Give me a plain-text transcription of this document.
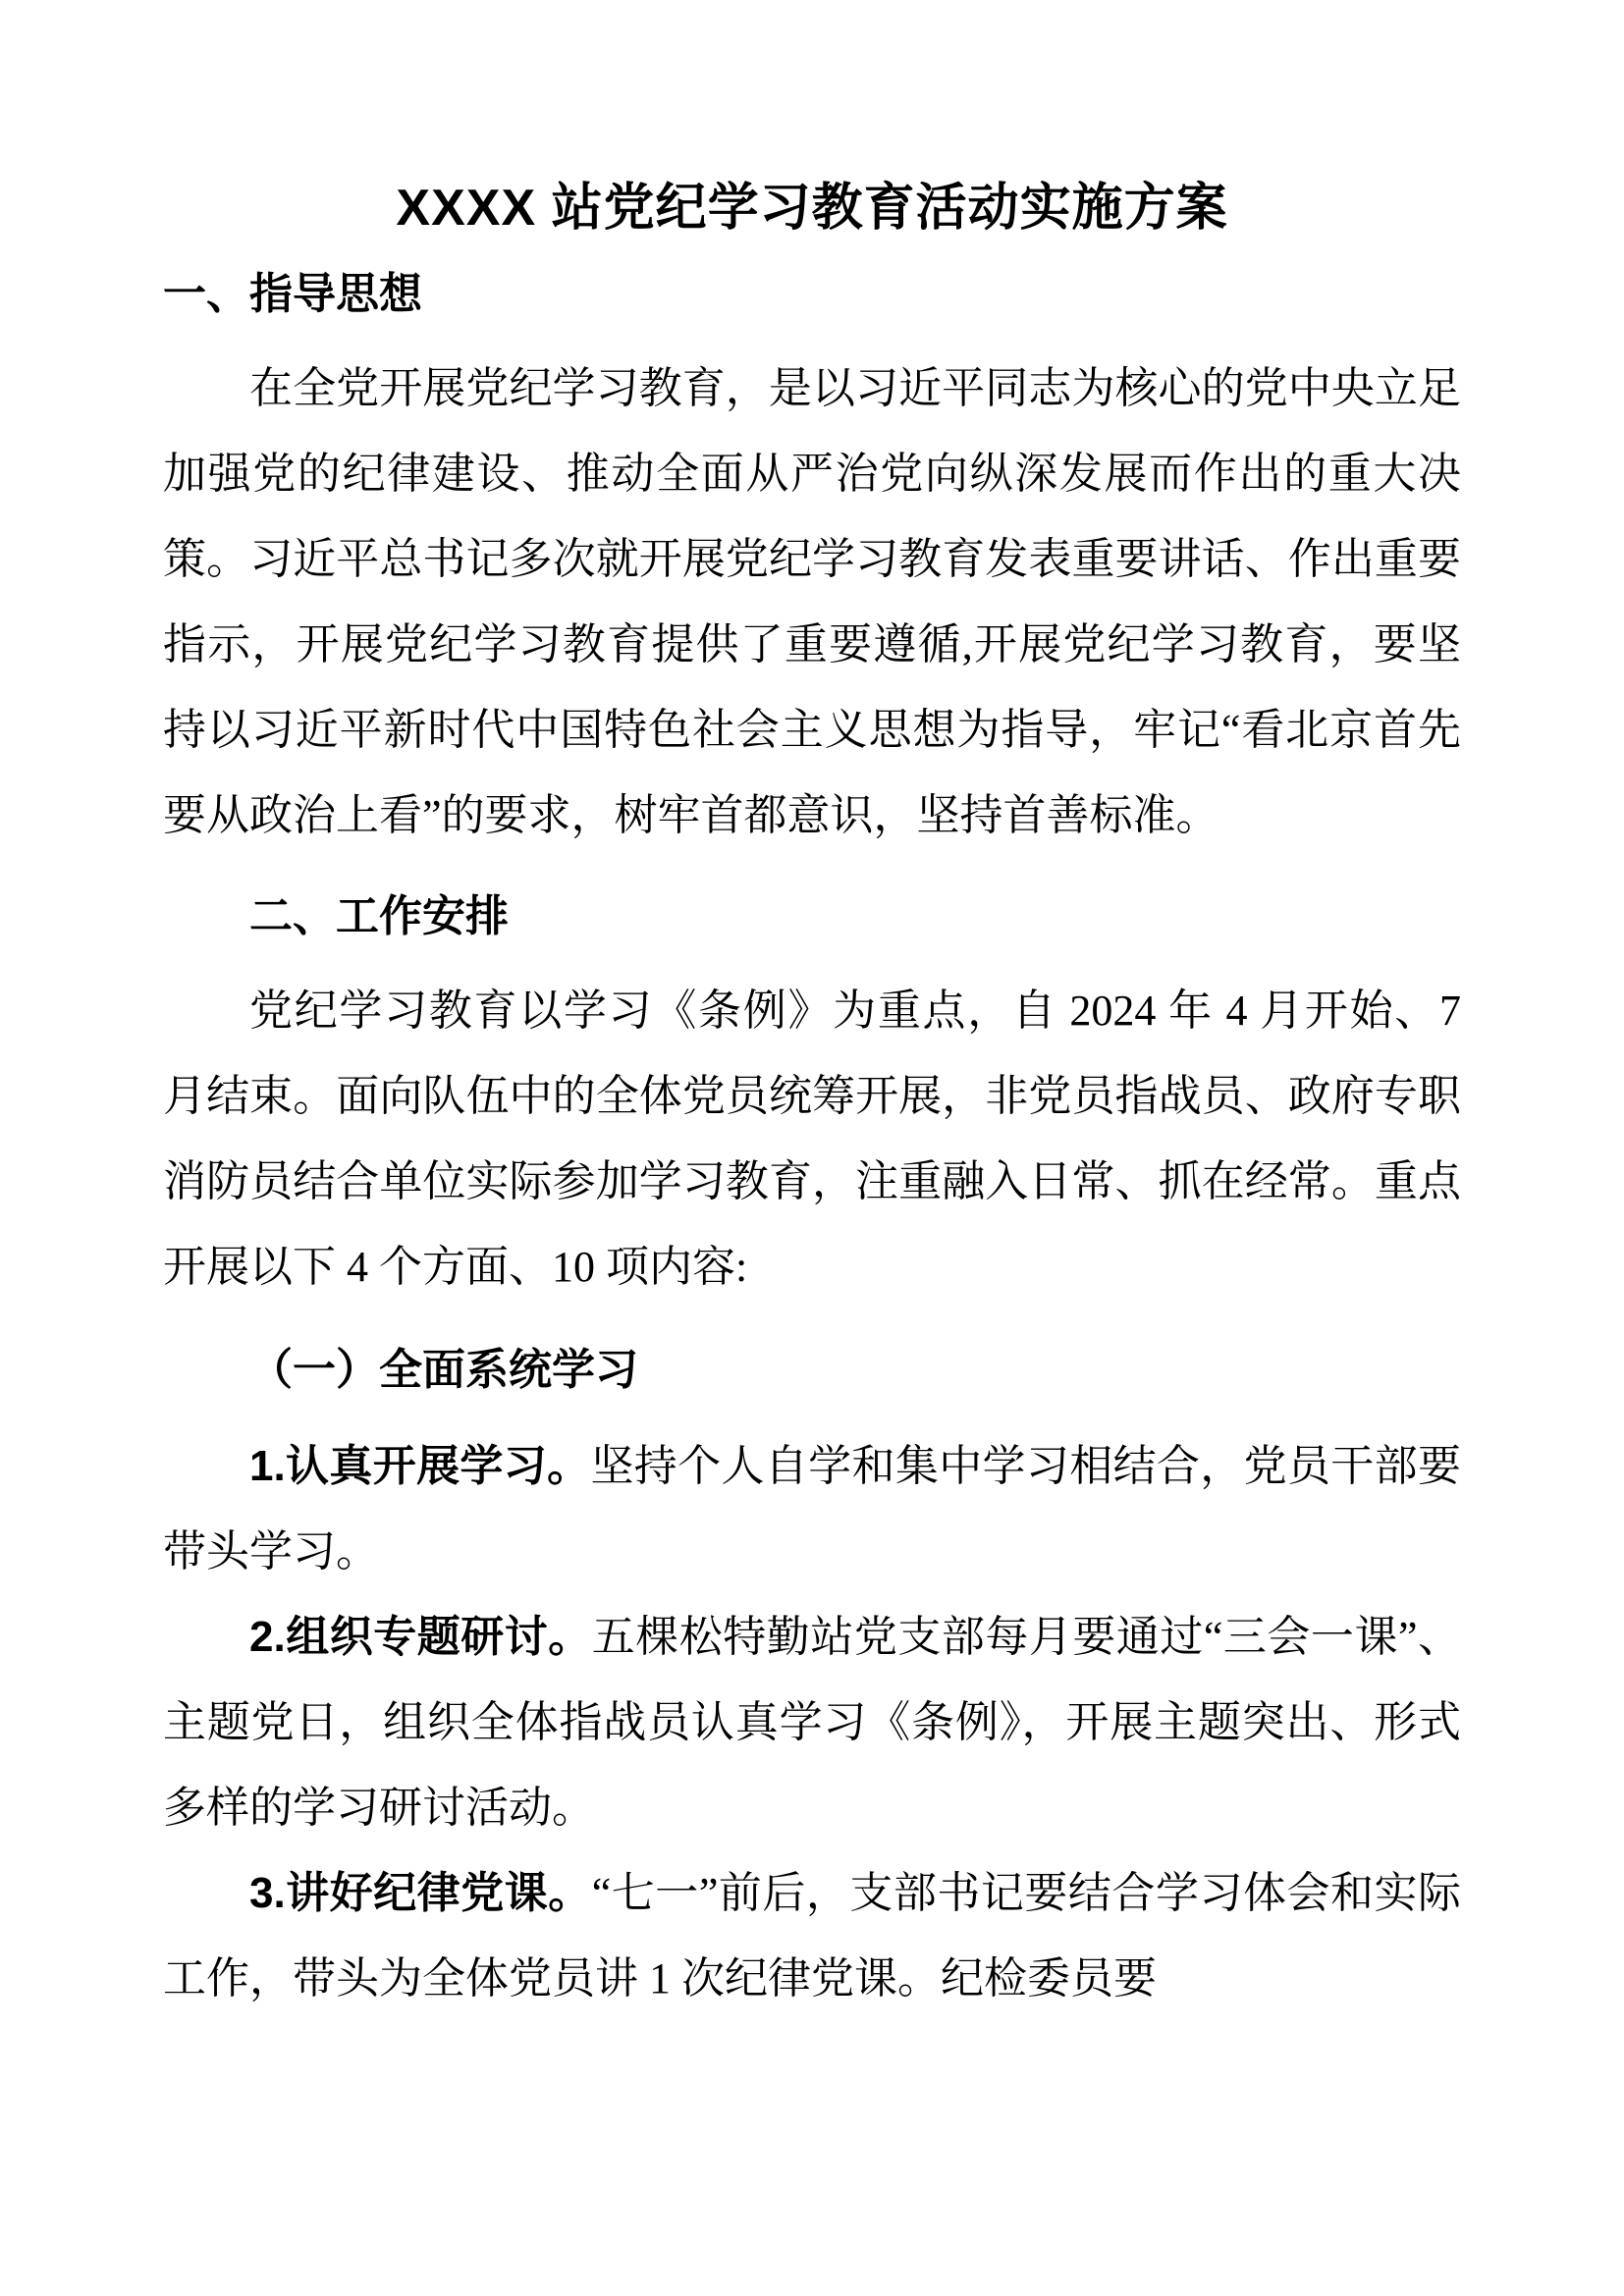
XXXX 站党纪学习教育活动实施方案
一、指导思想

在全党开展党纪学习教育，是以习近平同志为核心的党中央立足加强党的纪律建设、推动全面从严治党向纵深发展而作出的重大决策。习近平总书记多次就开展党纪学习教育发表重要讲话、作出重要指示，开展党纪学习教育提供了重要遵循,开展党纪学习教育，要坚持以习近平新时代中国特色社会主义思想为指导，牢记“看北京首先要从政治上看”的要求，树牢首都意识，坚持首善标准。

二、工作安排

党纪学习教育以学习《条例》为重点，自 2024 年 4 月开始、7 月结束。面向队伍中的全体党员统筹开展，非党员指战员、政府专职消防员结合单位实际参加学习教育，注重融入日常、抓在经常。重点开展以下 4 个方面、10 项内容:

（一）全面系统学习

1.认真开展学习。坚持个人自学和集中学习相结合，党员干部要带头学习。

2.组织专题研讨。五棵松特勤站党支部每月要通过“三会一课”、主题党日，组织全体指战员认真学习《条例》，开展主题突出、形式多样的学习研讨活动。

3.讲好纪律党课。“七一”前后，支部书记要结合学习体会和实际工作，带头为全体党员讲 1 次纪律党课。纪检委员要
